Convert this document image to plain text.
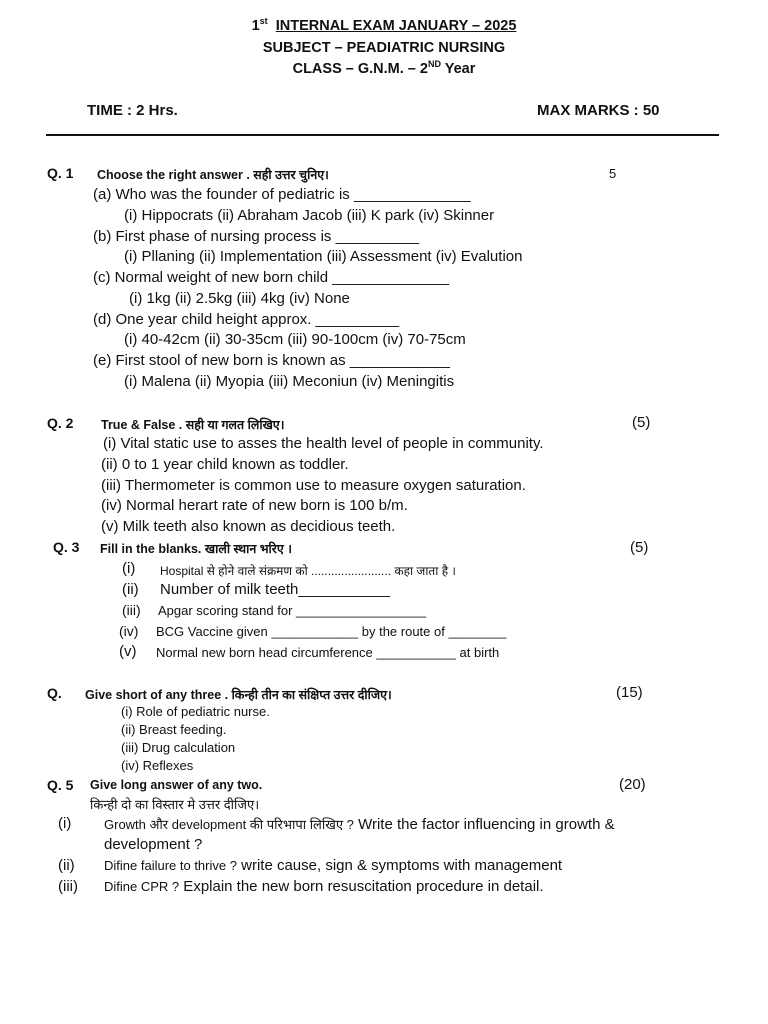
1st INTERNAL EXAM JANUARY – 2025
SUBJECT – PEADIATRIC NURSING
CLASS – G.N.M. – 2ND Year
TIME : 2 Hrs.	MAX MARKS : 50
Q. 1 Choose the right answer . सही उत्तर चुनिए।	5
(a) Who was the founder of pediatric is ______________
(i) Hippocrats (ii) Abraham Jacob (iii) K park (iv) Skinner
(b) First phase of nursing process is __________
(i) Pllaning (ii) Implementation (iii) Assessment (iv) Evalution
(c) Normal weight of new born child ______________
(i) 1kg (ii) 2.5kg (iii) 4kg (iv) None
(d) One year child height approx. __________
(i) 40-42cm (ii) 30-35cm (iii) 90-100cm (iv) 70-75cm
(e) First stool of new born is known as ____________
(i) Malena (ii) Myopia (iii) Meconiun (iv) Meningitis
Q. 2 True & False . सही या गलत लिखिए।	(5)
(i) Vital static use to asses the health level of people in community.
(ii) 0 to 1 year child known as toddler.
(iii) Thermometer is common use to measure oxygen saturation.
(iv) Normal herart rate of new born is 100 b/m.
(v) Milk teeth also known as decidious teeth.
Q. 3 Fill in the blanks. खाली स्थान भरिए ।	(5)
(i) Hospital से होने वाले संक्रमण को ........................ कहा जाता है ।
(ii) Number of milk teeth___________
(iii) Apgar scoring stand for __________________
(iv) BCG Vaccine given ____________ by the route of ________
(v) Normal new born head circumference ___________ at birth
Q. Give short of any three . किन्ही तीन का संक्षिप्त उत्तर दीजिए।	(15)
(i) Role of pediatric nurse.
(ii) Breast feeding.
(iii) Drug calculation
(iv) Reflexes
Q. 5 Give long answer of any two.	(20)
किन्ही दो का विस्तार मे उत्तर दीजिए।
(i)	Growth और development की परिभापा लिखिए ? Write the factor influencing in growth &
development ?
(ii) Difine failure to thrive ? write cause, sign & symptoms with management
(iii) Difine CPR ? Explain the new born resuscitation procedure in detail.
